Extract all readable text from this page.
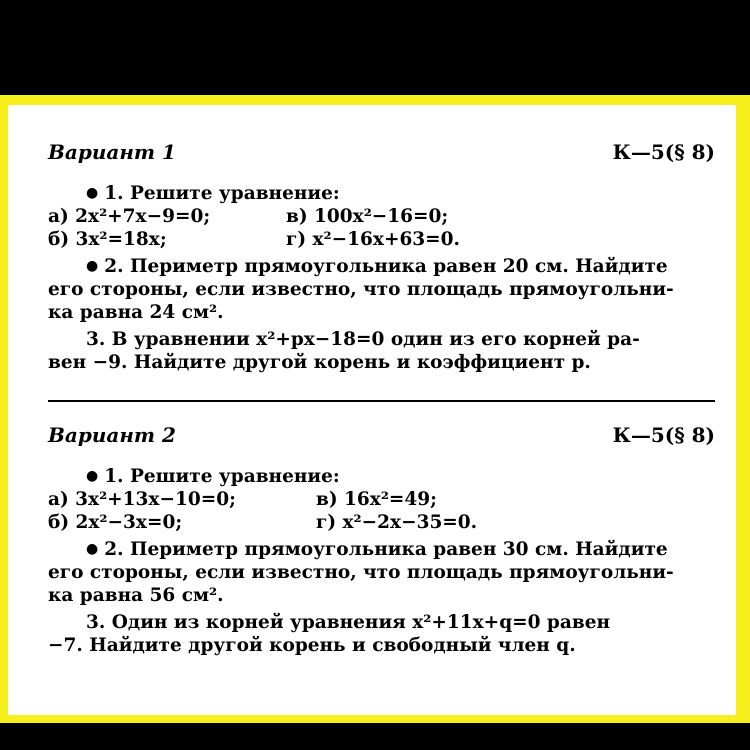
Вариант 1	К—5(§ 8)
● 1. Решите уравнение:
а) 2x²+7x−9=0;	в) 100x²−16=0;
б) 3x²=18x;	г) x²−16x+63=0.
● 2. Периметр прямоугольника равен 20 см. Найдите
его стороны, если известно, что площадь прямоугольни-
ка равна 24 см².
3. В уравнении x²+px−18=0 один из его корней ра-
вен −9. Найдите другой корень и коэффициент p.
Вариант 2	К—5(§ 8)
● 1. Решите уравнение:
а) 3x²+13x−10=0;	в) 16x²=49;
б) 2x²−3x=0;	г) x²−2x−35=0.
● 2. Периметр прямоугольника равен 30 см. Найдите
его стороны, если известно, что площадь прямоугольни-
ка равна 56 см².
3. Один из корней уравнения x²+11x+q=0 равен
−7. Найдите другой корень и свободный член q.
